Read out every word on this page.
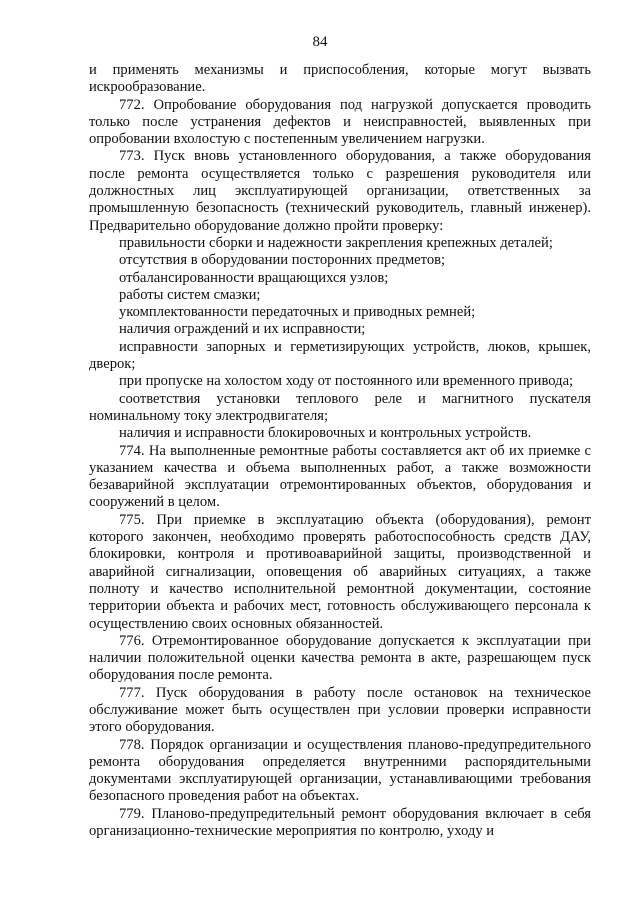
84

и применять механизмы и приспособления, которые могут вызвать искрообразование.

772. Опробование оборудования под нагрузкой допускается проводить только после устранения дефектов и неисправностей, выявленных при опробовании вхолостую с постепенным увеличением нагрузки.

773. Пуск вновь установленного оборудования, а также оборудования после ремонта осуществляется только с разрешения руководителя или должностных лиц эксплуатирующей организации, ответственных за промышленную безопасность (технический руководитель, главный инженер). Предварительно оборудование должно пройти проверку:

правильности сборки и надежности закрепления крепежных деталей;

отсутствия в оборудовании посторонних предметов;

отбалансированности вращающихся узлов;

работы систем смазки;

укомплектованности передаточных и приводных ремней;

наличия ограждений и их исправности;

исправности запорных и герметизирующих устройств, люков, крышек, дверок;

при пропуске на холостом ходу от постоянного или временного привода;

соответствия установки теплового реле и магнитного пускателя номинальному току электродвигателя;

наличия и исправности блокировочных и контрольных устройств.

774. На выполненные ремонтные работы составляется акт об их приемке с указанием качества и объема выполненных работ, а также возможности безаварийной эксплуатации отремонтированных объектов, оборудования и сооружений в целом.

775. При приемке в эксплуатацию объекта (оборудования), ремонт которого закончен, необходимо проверять работоспособность средств ДАУ, блокировки, контроля и противоаварийной защиты, производственной и аварийной сигнализации, оповещения об аварийных ситуациях, а также полноту и качество исполнительной ремонтной документации, состояние территории объекта и рабочих мест, готовность обслуживающего персонала к осуществлению своих основных обязанностей.

776. Отремонтированное оборудование допускается к эксплуатации при наличии положительной оценки качества ремонта в акте, разрешающем пуск оборудования после ремонта.

777. Пуск оборудования в работу после остановок на техническое обслуживание может быть осуществлен при условии проверки исправности этого оборудования.

778. Порядок организации и осуществления планово-предупредительного ремонта оборудования определяется внутренними распорядительными документами эксплуатирующей организации, устанавливающими требования безопасного проведения работ на объектах.

779. Планово-предупредительный ремонт оборудования включает в себя организационно-технические мероприятия по контролю, уходу и
